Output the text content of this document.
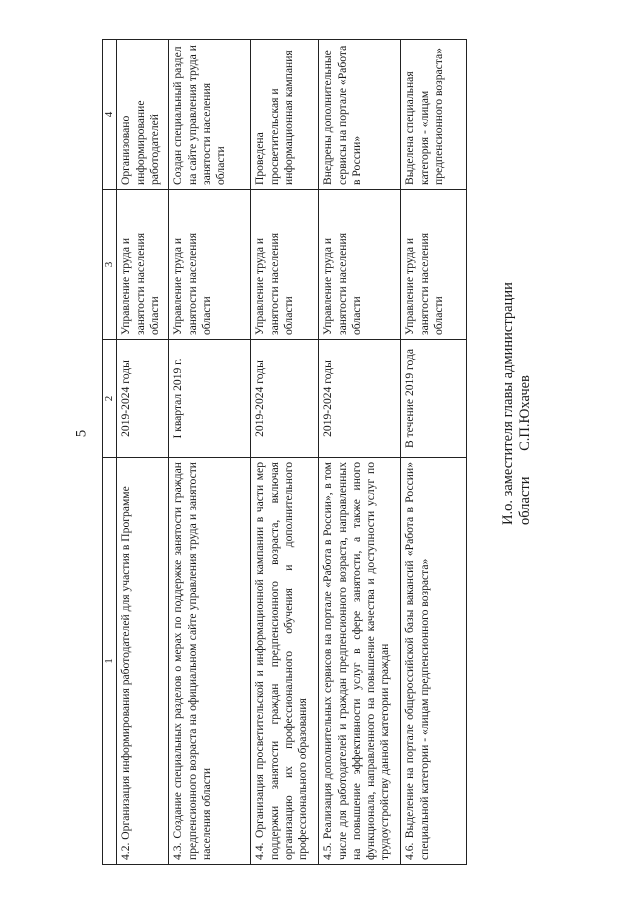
5
1	2	3	4
4.2. Организация информирования работодателей для участия в Программе	2019-2024 годы	Управление труда и занятости населения области	Организовано информирование работодателей
4.3. Создание специальных разделов о мерах по поддержке занятости граждан предпенсионного возраста на официальном сайте управления труда и занятости населения области	I квартал 2019 г.	Управление труда и занятости населения области	Создан специальный раздел на сайте управления труда и занятости населения области
4.4. Организация просветительской и информационной кампании в части мер поддержки занятости граждан предпенсионного возраста, включая организацию их профессионального обучения и дополнительного профессионального образования	2019-2024 годы	Управление труда и занятости населения области	Проведена просветительская и информационная кампания
4.5. Реализация дополнительных сервисов на портале «Работа в России», в том числе для работодателей и граждан предпенсионного возраста, направленных на повышение эффективности услуг в сфере занятости, а также иного функционала, направленного на повышение качества и доступности услуг по трудоустройству данной категории граждан	2019-2024 годы	Управление труда и занятости населения области	Внедрены дополнительные сервисы на портале «Работа в России»
4.6. Выделение на портале общероссийской базы вакансий «Работа в России» специальной категории - «лицам предпенсионного возраста»	В течение 2019 года	Управление труда и занятости населения области	Выделена специальная категория - «лицам предпенсионного возраста»
И.о. заместителя главы администрации области С.П.Юхачев
